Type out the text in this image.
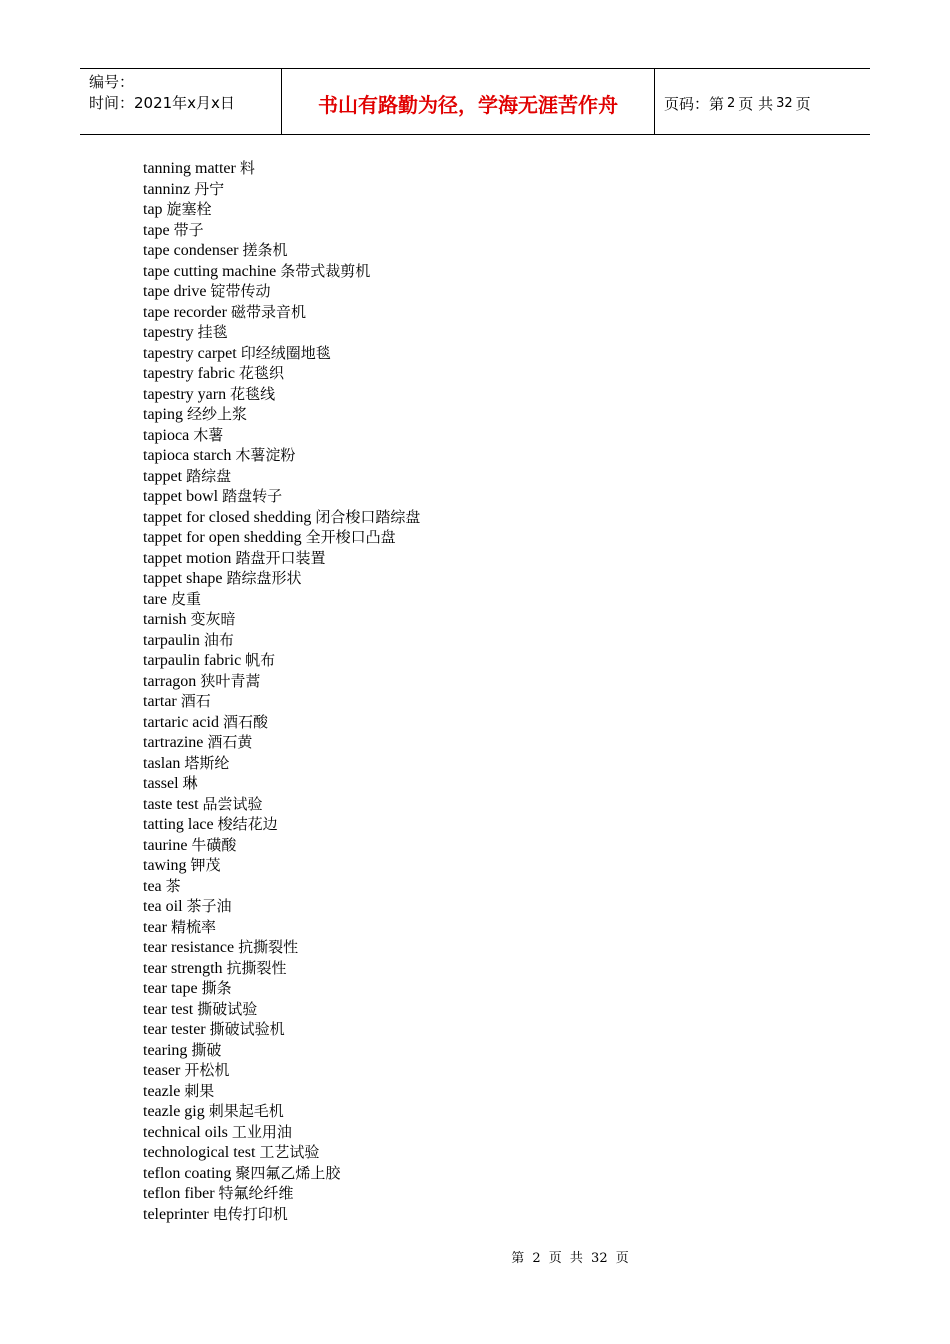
编号：
时间：2021年x月x日	书山有路勤为径，学海无涯苦作舟	页码：第 2 页 共 32 页
tanning matter 料
tanninz 丹宁
tap 旋塞栓
tape 带子
tape condenser 搓条机
tape cutting machine 条带式裁剪机
tape drive 锭带传动
tape recorder 磁带录音机
tapestry 挂毯
tapestry carpet 印经绒圈地毯
tapestry fabric 花毯织
tapestry yarn 花毯线
taping 经纱上浆
tapioca 木薯
tapioca starch 木薯淀粉
tappet 踏综盘
tappet bowl 踏盘转子
tappet for closed shedding 闭合梭口踏综盘
tappet for open shedding 全开梭口凸盘
tappet motion 踏盘开口装置
tappet shape 踏综盘形状
tare 皮重
tarnish 变灰暗
tarpaulin 油布
tarpaulin fabric 帆布
tarragon 狭叶青蒿
tartar 酒石
tartaric acid 酒石酸
tartrazine 酒石黄
taslan 塔斯纶
tassel 琳
taste test 品尝试验
tatting lace 梭结花边
taurine 牛磺酸
tawing 钾茂
tea 茶
tea oil 茶子油
tear 精梳率
tear resistance 抗撕裂性
tear strength 抗撕裂性
tear tape 撕条
tear test 撕破试验
tear tester 撕破试验机
tearing 撕破
teaser 开松机
teazle 刺果
teazle gig 刺果起毛机
technical oils 工业用油
technological test 工艺试验
teflon coating 聚四氟乙烯上胶
teflon fiber 特氟纶纤维
teleprinter 电传打印机
第 2 页 共 32 页
